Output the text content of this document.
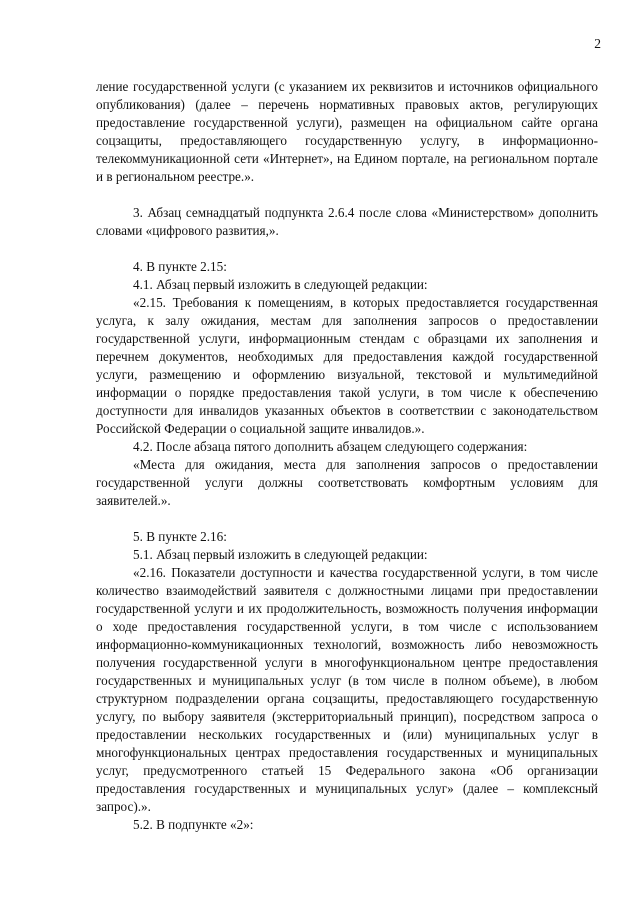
2

ление государственной услуги (с указанием их реквизитов и источников официального опубликования) (далее – перечень нормативных правовых актов, регулирующих предоставление государственной услуги), размещен на официальном сайте органа соцзащиты, предоставляющего государственную услугу, в информационно-телекоммуникационной сети «Интернет», на Едином портале, на региональном портале и в региональном реестре.».

3. Абзац семнадцатый подпункта 2.6.4 после слова «Министерством» дополнить словами «цифрового развития,».

4. В пункте 2.15:

4.1. Абзац первый изложить в следующей редакции:

«2.15. Требования к помещениям, в которых предоставляется государственная услуга, к залу ожидания, местам для заполнения запросов о предоставлении государственной услуги, информационным стендам с образцами их заполнения и перечнем документов, необходимых для предоставления каждой государственной услуги, размещению и оформлению визуальной, текстовой и мультимедийной информации о порядке предоставления такой услуги, в том числе к обеспечению доступности для инвалидов указанных объектов в соответствии с законодательством Российской Федерации о социальной защите инвалидов.».

4.2. После абзаца пятого дополнить абзацем следующего содержания:

«Места для ожидания, места для заполнения запросов о предоставлении государственной услуги должны соответствовать комфортным условиям для заявителей.».

5. В пункте 2.16:

5.1. Абзац первый изложить в следующей редакции:

«2.16. Показатели доступности и качества государственной услуги, в том числе количество взаимодействий заявителя с должностными лицами при предоставлении государственной услуги и их продолжительность, возможность получения информации о ходе предоставления государственной услуги, в том числе с использованием информационно-коммуникационных технологий, возможность либо невозможность получения государственной услуги в многофункциональном центре предоставления государственных и муниципальных услуг (в том числе в полном объеме), в любом структурном подразделении органа соцзащиты, предоставляющего государственную услугу, по выбору заявителя (экстерриториальный принцип), посредством запроса о предоставлении нескольких государственных и (или) муниципальных услуг в многофункциональных центрах предоставления государственных и муниципальных услуг, предусмотренного статьей 15 Федерального закона «Об организации предоставления государственных и муниципальных услуг» (далее – комплексный запрос).».

5.2. В подпункте «2»:
